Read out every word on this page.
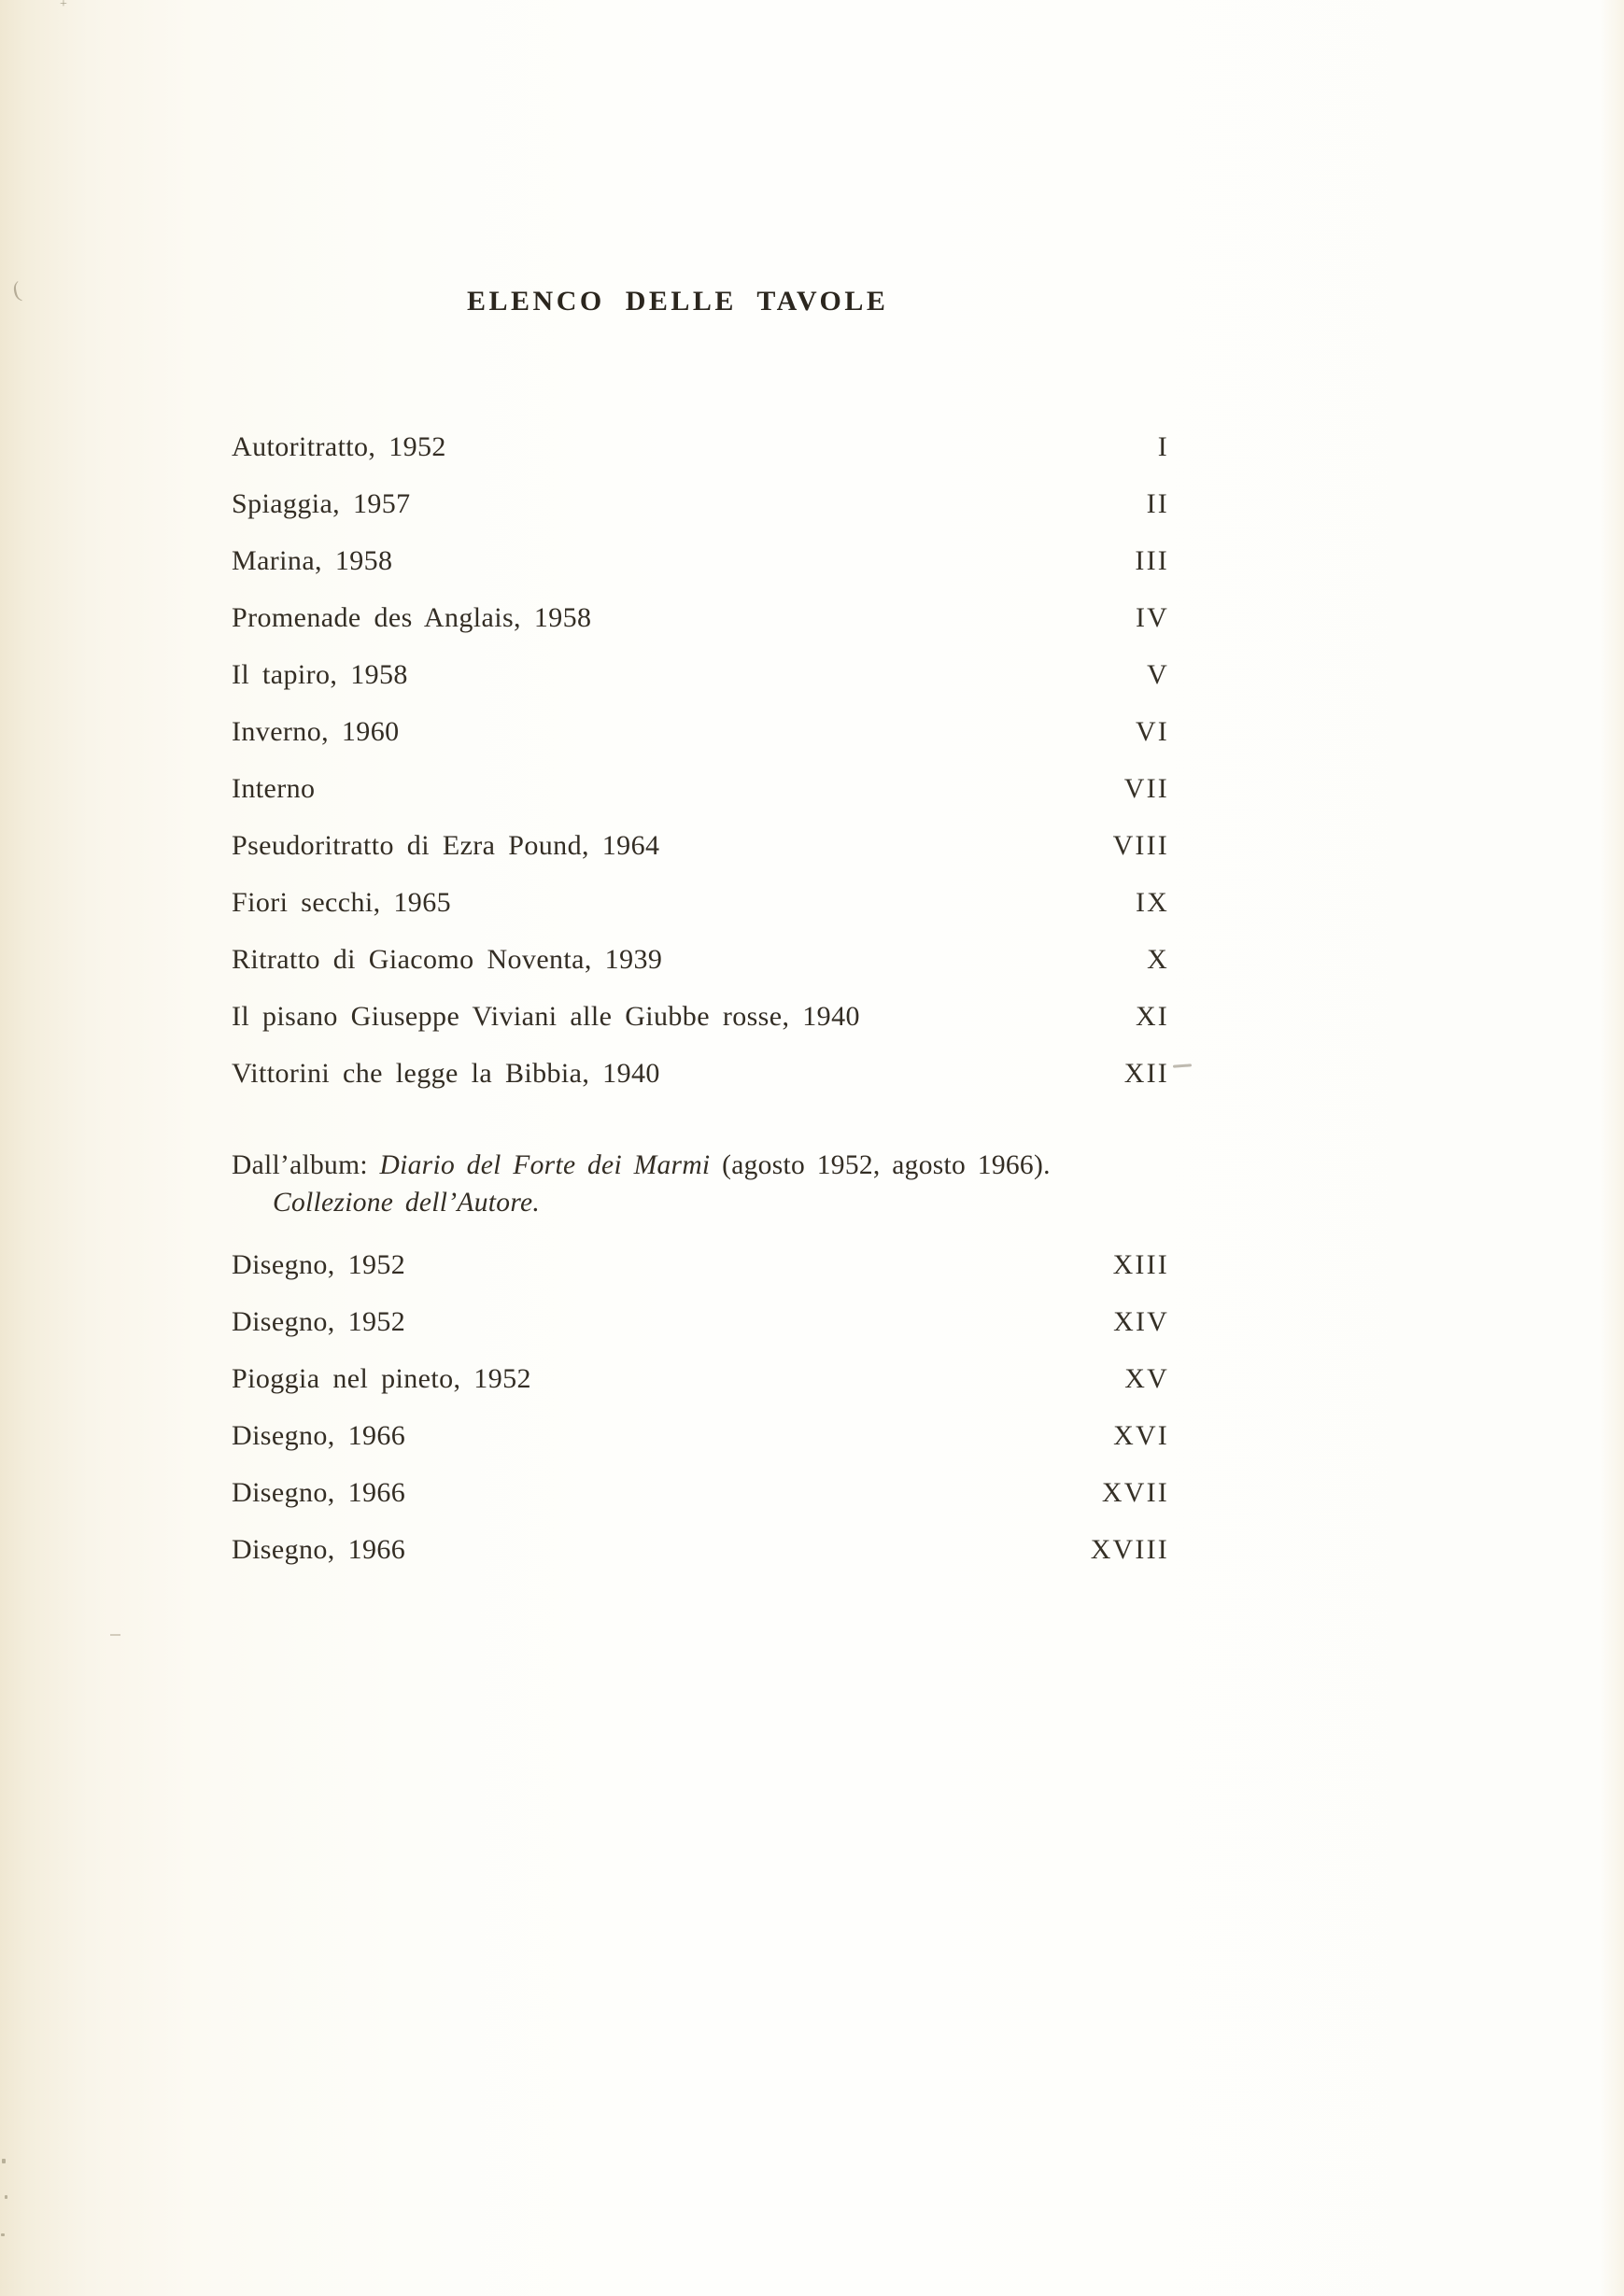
ELENCO DELLE TAVOLE
Autoritratto, 1952	I
Spiaggia, 1957	II
Marina, 1958	III
Promenade des Anglais, 1958	IV
Il tapiro, 1958	V
Inverno, 1960	VI
Interno	VII
Pseudoritratto di Ezra Pound, 1964	VIII
Fiori secchi, 1965	IX
Ritratto di Giacomo Noventa, 1939	X
Il pisano Giuseppe Viviani alle Giubbe rosse, 1940	XI
Vittorini che legge la Bibbia, 1940	XII
Dall’album: Diario del Forte dei Marmi (agosto 1952, agosto 1966).
Collezione dell’Autore.
Disegno, 1952	XIII
Disegno, 1952	XIV
Pioggia nel pineto, 1952	XV
Disegno, 1966	XVI
Disegno, 1966	XVII
Disegno, 1966	XVIII
(
+
